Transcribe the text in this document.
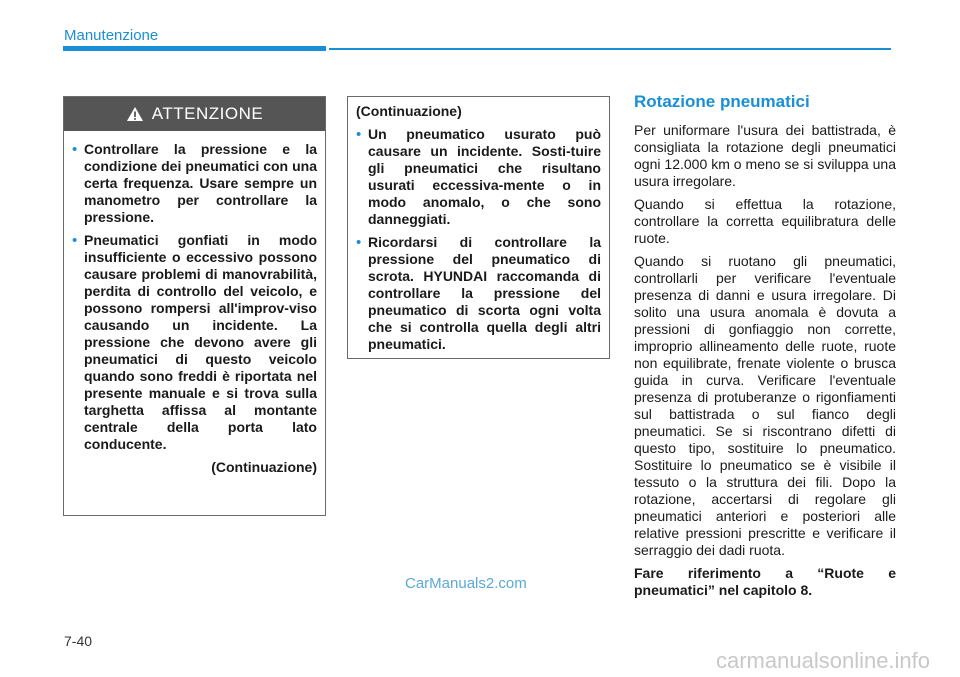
Manutenzione
ATTENZIONE
• Controllare la pressione e la condizione dei pneumatici con una certa frequenza. Usare sempre un manometro per controllare la pressione.
• Pneumatici gonfiati in modo insufficiente o eccessivo possono causare problemi di manovrabilità, perdita di controllo del veicolo, e possono rompersi all'improv-viso causando un incidente. La pressione che devono avere gli pneumatici di questo veicolo quando sono freddi è riportata nel presente manuale e si trova sulla targhetta affissa al montante centrale della porta lato conducente.
(Continuazione)
(Continuazione)
• Un pneumatico usurato può causare un incidente. Sosti-tuire gli pneumatici che risultano usurati eccessiva-mente o in modo anomalo, o che sono danneggiati.
• Ricordarsi di controllare la pressione del pneumatico di scrota. HYUNDAI raccomanda di controllare la pressione del pneumatico di scorta ogni volta che si controlla quella degli altri pneumatici.
Rotazione pneumatici

Per uniformare l'usura dei battistrada, è consigliata la rotazione degli pneumatici ogni 12.000 km o meno se si sviluppa una usura irregolare.

Quando si effettua la rotazione, controllare la corretta equilibratura delle ruote.

Quando si ruotano gli pneumatici, controllarli per verificare l'eventuale presenza di danni e usura irregolare. Di solito una usura anomala è dovuta a pressioni di gonfiaggio non corrette, improprio allineamento delle ruote, ruote non equilibrate, frenate violente o brusca guida in curva. Verificare l'eventuale presenza di protuberanze o rigonfiamenti sul battistrada o sul fianco degli pneumatici. Se si riscontrano difetti di questo tipo, sostituire lo pneumatico. Sostituire lo pneumatico se è visibile il tessuto o la struttura dei fili. Dopo la rotazione, accertarsi di regolare gli pneumatici anteriori e posteriori alle relative pressioni prescritte e verificare il serraggio dei dadi ruota.

Fare riferimento a “Ruote e pneumatici” nel capitolo 8.

CarManuals2.com
7-40
carmanualsonline.info
